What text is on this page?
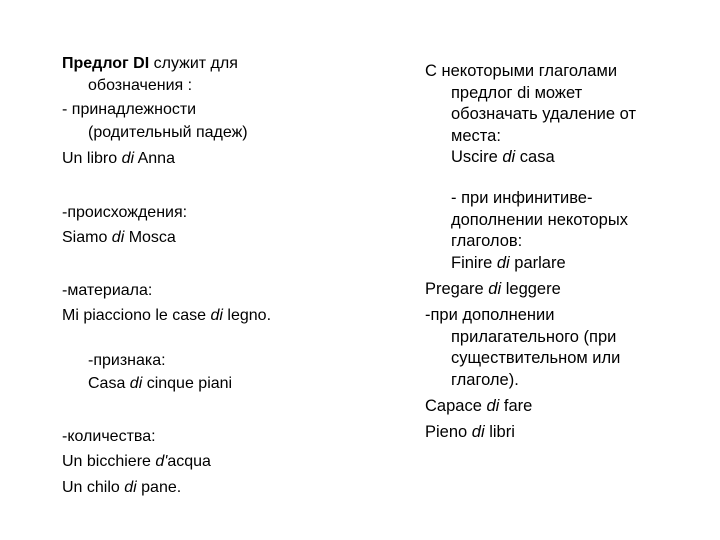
Предлог DI служит для
обозначения :
- принадлежности
(родительный падеж)
Un libro di Anna
-происхождения:
Siamo di Mosca
-материала:
Mi piacciono le case di legno.
-признака:
Casa di cinque piani
-количества:
Un bicchiere d'acqua
Un chilo di pane.
С некоторыми глаголами
предлог di может
обозначать удаление от
места:
Uscire di casa
- при инфинитиве-
дополнении некоторых
глаголов:
Finire di parlare
Pregare di leggere
-при дополнении
прилагательного (при
существительном или
глаголе).
Capace di fare
Pieno di libri
